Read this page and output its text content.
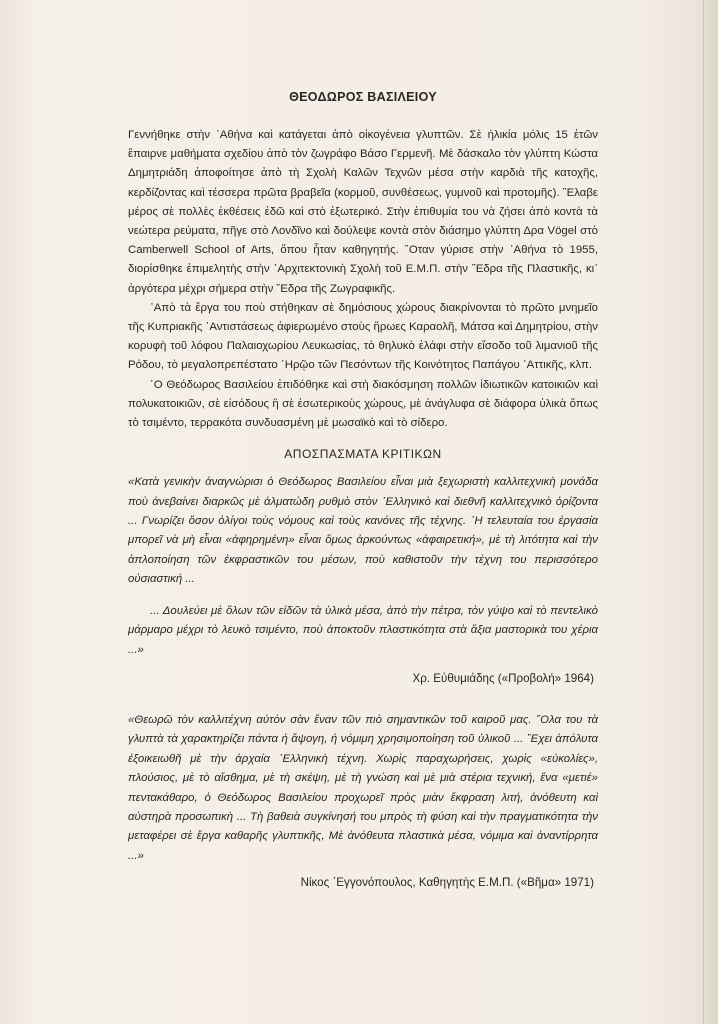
ΘΕΟΔΩΡΟΣ ΒΑΣΙΛΕΙΟΥ

Γεννήθηκε στὴν ᾿Αθήνα καὶ κατάγεται ἀπὸ οἰκογένεια γλυπτῶν. Σὲ ἡλικία μόλις 15 ἐτῶν ἔπαιρνε μαθήματα σχεδίου ἀπὸ τὸν ζωγράφο Βάσο Γερμενῆ. Μὲ δάσκαλο τὸν γλύπτη Κώστα Δημητριάδη ἀποφοίτησε ἀπὸ τὴ Σχολὴ Καλῶν Τεχνῶν μέσα στὴν καρδιὰ τῆς κατοχῆς, κερδίζοντας καὶ τέσσερα πρῶτα βραβεῖα (κορμοῦ, συνθέσεως, γυμνοῦ καὶ προτομῆς). ῞Ελαβε μέρος σὲ πολλὲς ἐκθέσεις ἐδῶ καὶ στὸ ἐξωτερικό. Στὴν ἐπιθυμία του νὰ ζήσει ἀπὸ κοντὰ τὰ νεώτερα ρεύματα, πῆγε στὸ Λονδῖνο καὶ δούλεψε κοντὰ στὸν διάσημο γλύπτη Δρα Vögel στὸ Camberwell School of Arts, ὅπου ἦταν καθηγητής. ῞Οταν γύρισε στὴν ᾿Αθήνα τὸ 1955, διορίσθηκε ἐπιμελητὴς στὴν ᾿Αρχιτεκτονικὴ Σχολὴ τοῦ Ε.Μ.Π. στὴν ῞Εδρα τῆς Πλαστικῆς, κι᾿ ἀργότερα μέχρι σήμερα στὴν ῞Εδρα τῆς Ζωγραφικῆς.

᾿Απὸ τὰ ἔργα του ποὺ στήθηκαν σὲ δημόσιους χώρους διακρίνονται τὸ πρῶτο μνημεῖο τῆς Κυπριακῆς ᾿Αντιστάσεως ἀφιερωμένο στοὺς ἥρωες Καραολῆ, Μάτσα καὶ Δημητρίου, στὴν κορυφὴ τοῦ λόφου Παλαιοχωρίου Λευκωσίας, τὸ θηλυκὸ ἐλάφι στὴν εἴσοδο τοῦ λιμανιοῦ τῆς Ρόδου, τὸ μεγαλοπρεπέστατο ῾Ηρῷο τῶν Πεσόντων τῆς Κοινότητος Παπάγου ᾿Αττικῆς, κλπ.

῾Ο Θεόδωρος Βασιλείου ἐπιδόθηκε καὶ στὴ διακόσμηση πολλῶν ἰδιωτικῶν κατοικιῶν καὶ πολυκατοικιῶν, σὲ εἰσόδους ἢ σὲ ἐσωτερικοὺς χώρους, μὲ ἀνάγλυφα σὲ διάφορα ὑλικὰ ὅπως τὸ τσιμέντο, τερρακότα συνδυασμένη μὲ μωσαϊκὸ καὶ τὸ σίδερο.

ΑΠΟΣΠΑΣΜΑΤΑ ΚΡΙΤΙΚΩΝ

«Κατὰ γενικὴν ἀναγνώρισι ὁ Θεόδωρος Βασιλείου εἶναι μιὰ ξεχωριστὴ καλλιτεχνικὴ μονάδα ποὺ ἀνεβαίνει διαρκῶς μὲ ἀλματώδη ρυθμὸ στὸν ᾿Ελληνικὸ καὶ διεθνῆ καλλιτεχνικὸ ὁρίζοντα ... Γνωρίζει ὅσον ὀλίγοι τοὺς νόμους καὶ τοὺς κανόνες τῆς τέχνης. ῾Η τελευταία του ἐργασία μπορεῖ νὰ μὴ εἶναι «ἀφηρημένη» εἶναι ὅμως ἀρκούντως «ἀφαιρετική», μὲ τὴ λιτότητα καὶ τὴν ἁπλοποίηση τῶν ἐκφραστικῶν του μέσων, ποὺ καθιστοῦν τὴν τέχνη του περισσότερο οὐσιαστική ...

... Δουλεύει μὲ ὅλων τῶν εἰδῶν τὰ ὑλικὰ μέσα, ἀπὸ τὴν πέτρα, τὸν γύψο καὶ τὸ πεντελικὸ μάρμαρο μέχρι τὸ λευκὸ τσιμέντο, ποὺ ἀποκτοῦν πλαστικότητα στὰ ἄξια μαστορικὰ του χέρια ...»

Χρ. Εὐθυμιάδης («Προβολή» 1964)

«Θεωρῶ τὸν καλλιτέχνη αὐτὸν σὰν ἕναν τῶν πιὸ σημαντικῶν τοῦ καιροῦ μας. ῞Ολα του τὰ γλυπτὰ τὰ χαρακτηρίζει πάντα ἡ ἄψογη, ἡ νόμιμη χρησιμοποίηση τοῦ ὑλικοῦ ... ῎Εχει ἀπόλυτα ἐξοικειωθῆ μὲ τὴν ἀρχαία ᾿Ελληνικὴ τέχνη. Χωρὶς παραχωρήσεις, χωρὶς «εὐκολίες», πλούσιος, μὲ τὸ αἴσθημα, μὲ τὴ σκέψη, μὲ τὴ γνώση καὶ μὲ μιὰ στέρια τεχνική, ἕνα «μετιέ» πεντακάθαρο, ὁ Θεόδωρος Βασιλείου προχωρεῖ πρὸς μιὰν ἔκφραση λιτή, ἀνόθευτη καὶ αὐστηρὰ προσωπικὴ ... Τὴ βαθειὰ συγκίνησή του μπρὸς τὴ φύση καὶ τὴν πραγματικότητα τὴν μεταφέρει σὲ ἔργα καθαρῆς γλυπτικῆς, Μὲ ἀνόθευτα πλαστικὰ μέσα, νόμιμα καὶ ἀναντίρρητα ...»

Νίκος ᾿Εγγονόπουλος, Καθηγητὴς Ε.Μ.Π. («Βῆμα» 1971)
